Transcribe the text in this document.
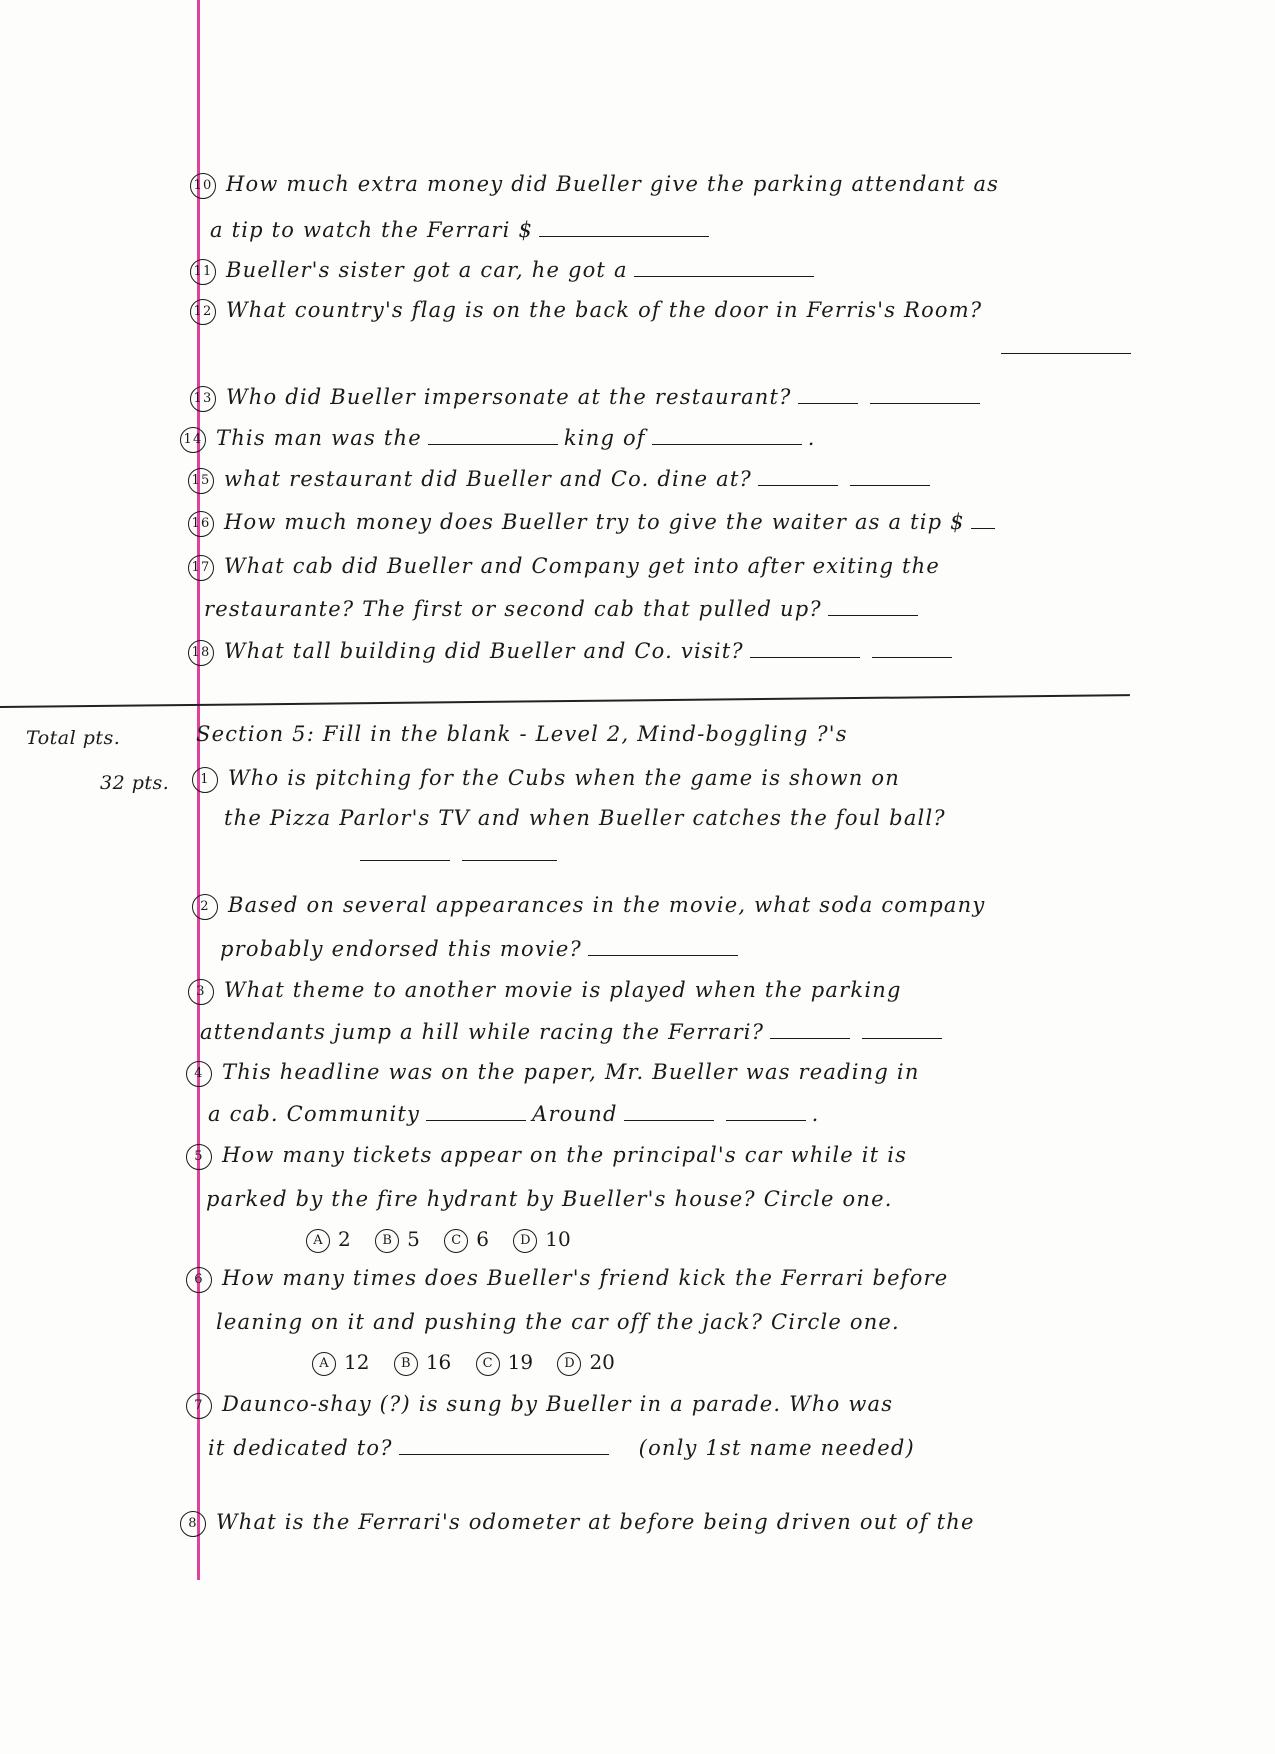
10 How much extra money did Bueller give the parking attendant as
a tip to watch the Ferrari $
11 Bueller's sister got a car, he got a
12 What country's flag is on the back of the door in Ferris's Room?
13 Who did Bueller impersonate at the restaurant?
14 This man was the	king of	.
15 what restaurant did Bueller and Co. dine at?
16 How much money does Bueller try to give the waiter as a tip $
17 What cab did Bueller and Company get into after exiting the
restaurante? The first or second cab that pulled up?
18 What tall building did Bueller and Co. visit?
Total pts.
32 pts.
Section 5: Fill in the blank - Level 2, Mind-boggling ?'s
1 Who is pitching for the Cubs when the game is shown on
the Pizza Parlor's TV and when Bueller catches the foul ball?
2 Based on several appearances in the movie, what soda company
probably endorsed this movie?
3 What theme to another movie is played when the parking
attendants jump a hill while racing the Ferrari?
4 This headline was on the paper, Mr. Bueller was reading in
a cab. Community	Around	.
5 How many tickets appear on the principal's car while it is
parked by the fire hydrant by Bueller's house? Circle one.
A 2 B 5 C 6 D 10
6 How many times does Bueller's friend kick the Ferrari before
leaning on it and pushing the car off the jack? Circle one.
A 12 B 16 C 19 D 20
7 Daunco-shay (?) is sung by Bueller in a parade. Who was
it dedicated to?	(only 1st name needed)
8 What is the Ferrari's odometer at before being driven out of the
